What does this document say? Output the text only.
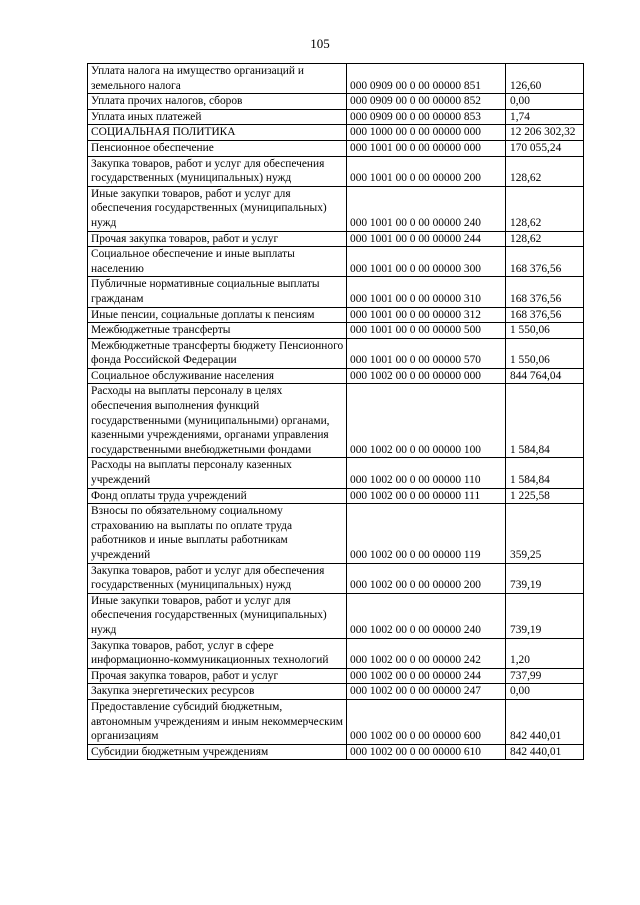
105
Уплата налога на имущество организаций и земельного налога	000 0909 00 0 00 00000 851	126,60
Уплата прочих налогов, сборов	000 0909 00 0 00 00000 852	0,00
Уплата иных платежей	000 0909 00 0 00 00000 853	1,74
СОЦИАЛЬНАЯ ПОЛИТИКА	000 1000 00 0 00 00000 000	12 206 302,32
Пенсионное обеспечение	000 1001 00 0 00 00000 000	170 055,24
Закупка товаров, работ и услуг для обеспечения государственных (муниципальных) нужд	000 1001 00 0 00 00000 200	128,62
Иные закупки товаров, работ и услуг для обеспечения государственных (муниципальных) нужд	000 1001 00 0 00 00000 240	128,62
Прочая закупка товаров, работ и услуг	000 1001 00 0 00 00000 244	128,62
Социальное обеспечение и иные выплаты населению	000 1001 00 0 00 00000 300	168 376,56
Публичные нормативные социальные выплаты гражданам	000 1001 00 0 00 00000 310	168 376,56
Иные пенсии, социальные доплаты к пенсиям	000 1001 00 0 00 00000 312	168 376,56
Межбюджетные трансферты	000 1001 00 0 00 00000 500	1 550,06
Межбюджетные трансферты бюджету Пенсионного фонда Российской Федерации	000 1001 00 0 00 00000 570	1 550,06
Социальное обслуживание населения	000 1002 00 0 00 00000 000	844 764,04
Расходы на выплаты персоналу в целях обеспечения выполнения функций государственными (муниципальными) органами, казенными учреждениями, органами управления государственными внебюджетными фондами	000 1002 00 0 00 00000 100	1 584,84
Расходы на выплаты персоналу казенных учреждений	000 1002 00 0 00 00000 110	1 584,84
Фонд оплаты труда учреждений	000 1002 00 0 00 00000 111	1 225,58
Взносы по обязательному социальному страхованию на выплаты по оплате труда работников и иные выплаты работникам учреждений	000 1002 00 0 00 00000 119	359,25
Закупка товаров, работ и услуг для обеспечения государственных (муниципальных) нужд	000 1002 00 0 00 00000 200	739,19
Иные закупки товаров, работ и услуг для обеспечения государственных (муниципальных) нужд	000 1002 00 0 00 00000 240	739,19
Закупка товаров, работ, услуг в сфере информационно-коммуникационных технологий	000 1002 00 0 00 00000 242	1,20
Прочая закупка товаров, работ и услуг	000 1002 00 0 00 00000 244	737,99
Закупка энергетических ресурсов	000 1002 00 0 00 00000 247	0,00
Предоставление субсидий бюджетным, автономным учреждениям и иным некоммерческим организациям	000 1002 00 0 00 00000 600	842 440,01
Субсидии бюджетным учреждениям	000 1002 00 0 00 00000 610	842 440,01
